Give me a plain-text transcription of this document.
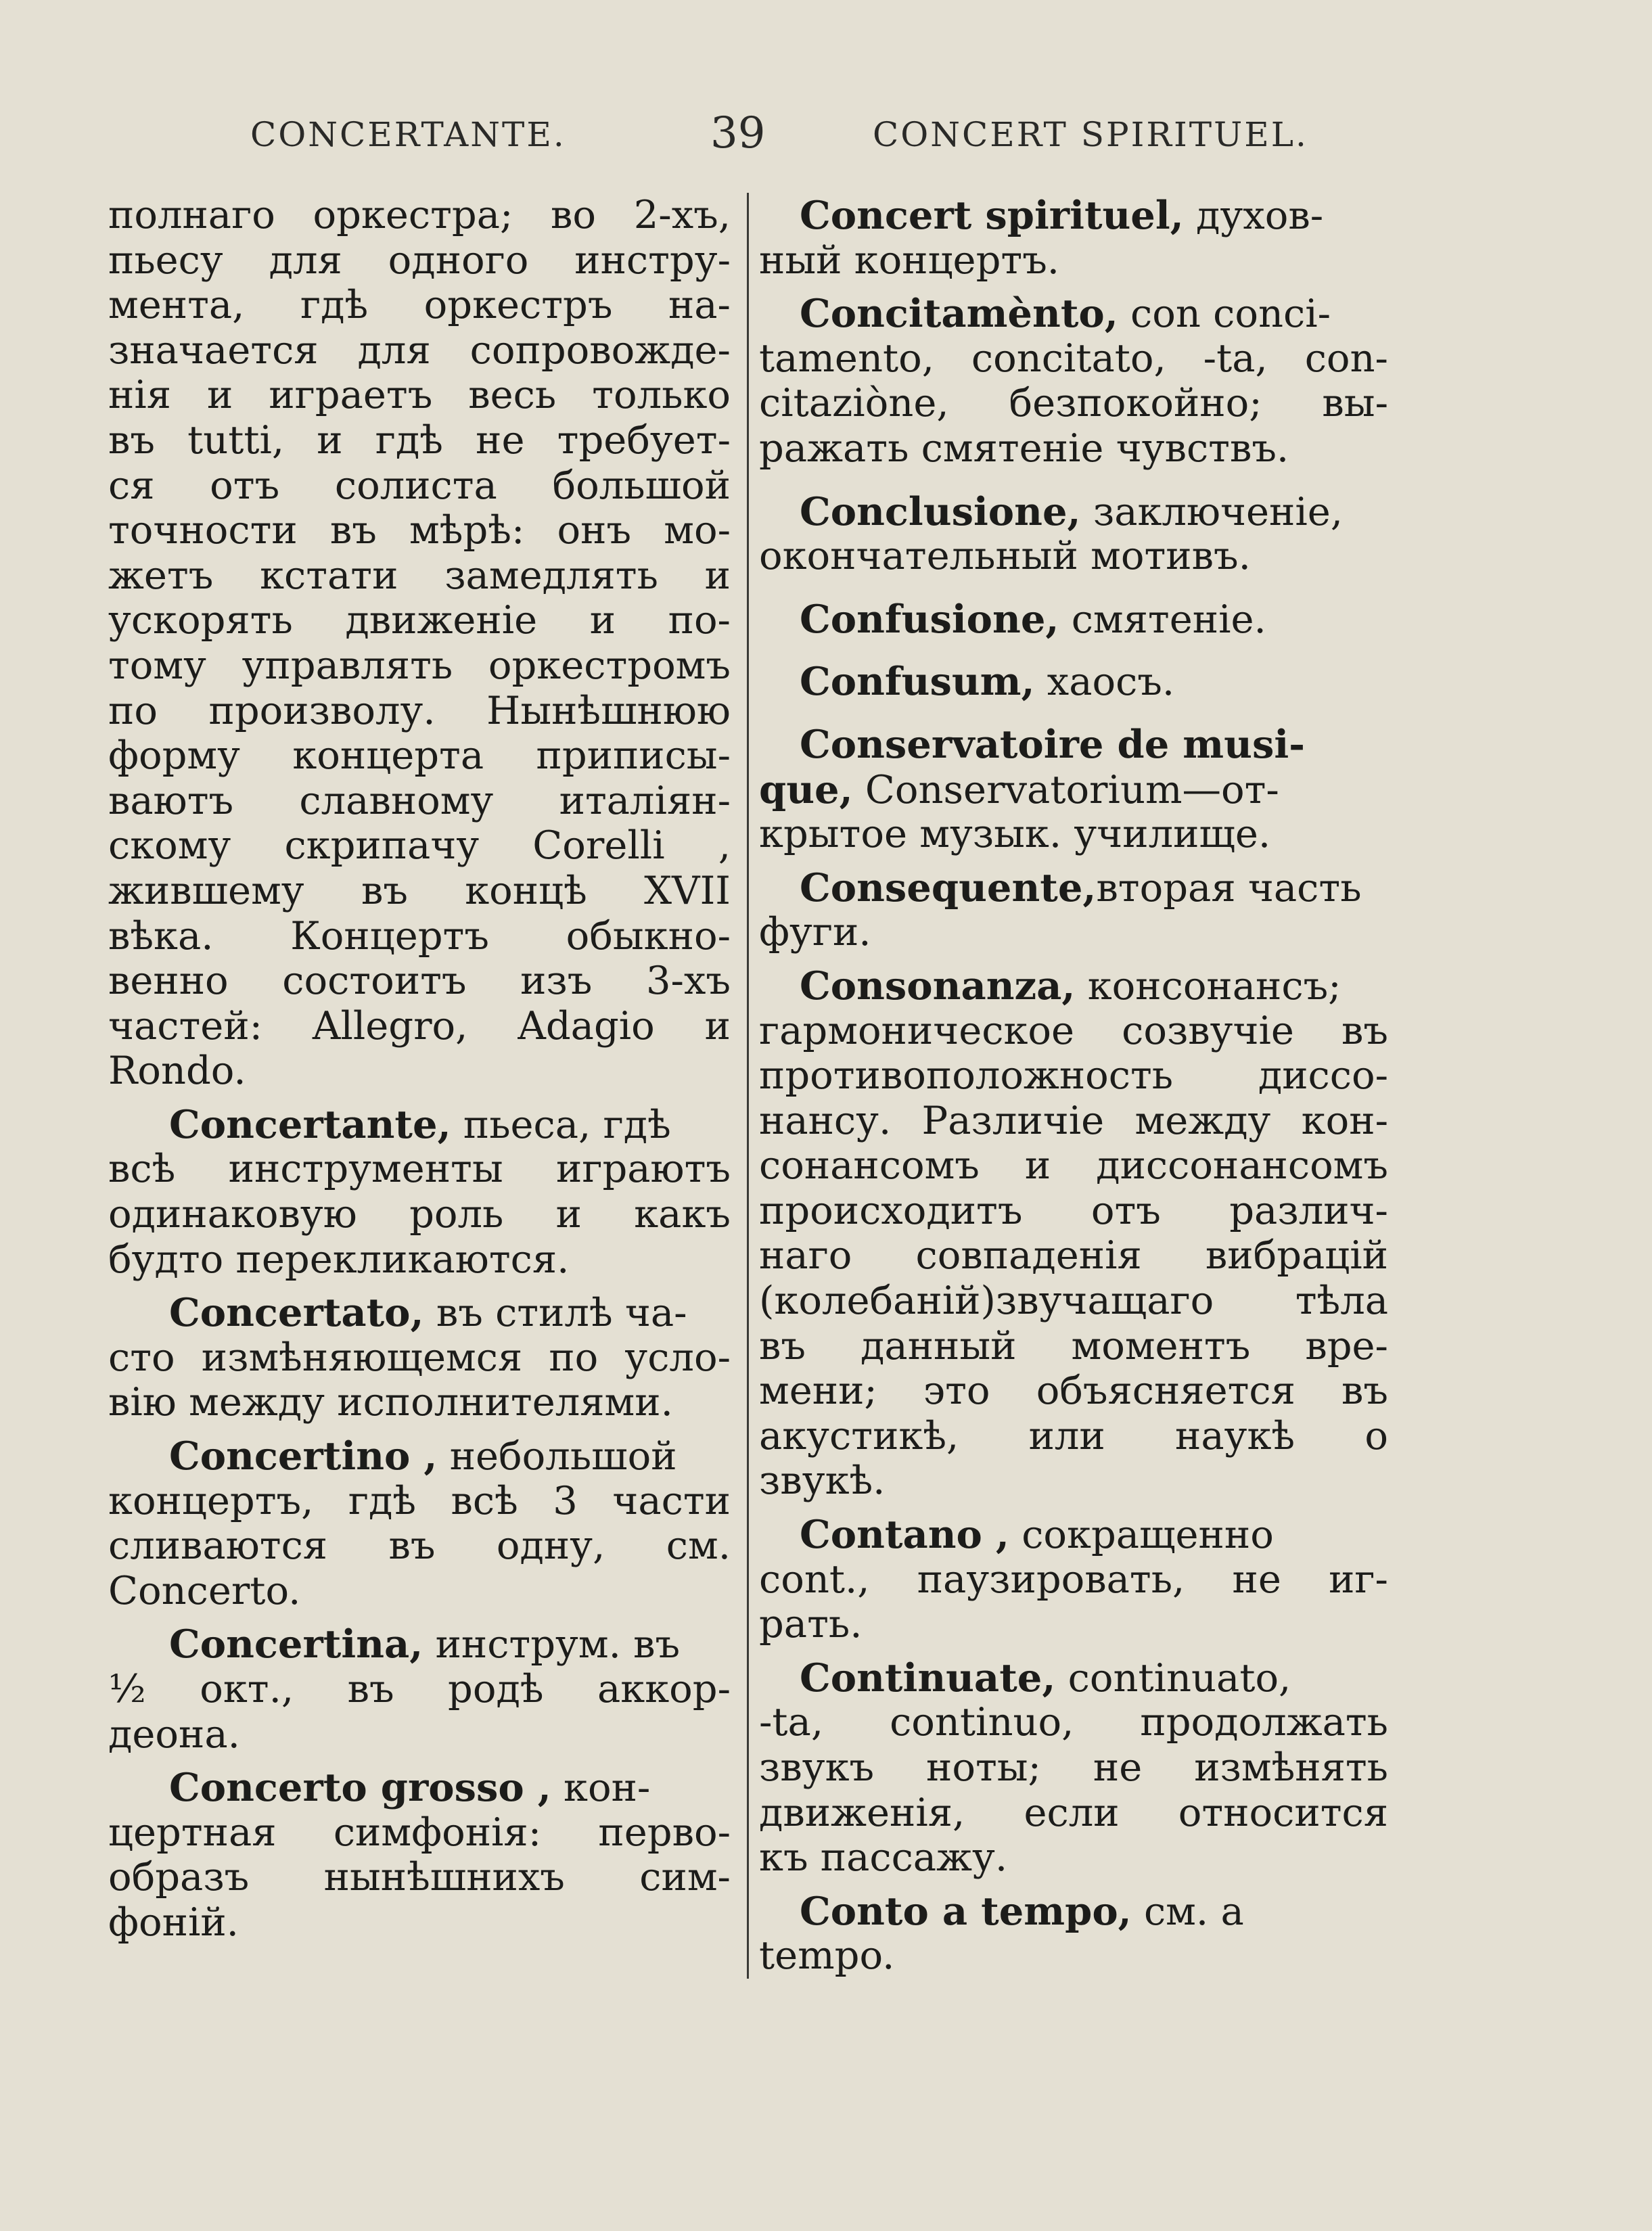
CONCERTANTE.	39	CONCERT SPIRITUEL.
полнаго оркестра; во 2-хъ,
пьесу для одного инстру-
мента, гдѣ оркестръ на-
значается для сопровожде-
нія и играетъ весь только
въ tutti, и гдѣ не требует-
ся отъ солиста большой
точности въ мѣрѣ: онъ мо-
жетъ кстати замедлять и
ускорять движеніе и по-
тому управлять оркестромъ
по произволу. Нынѣшнюю
форму концерта приписы-
ваютъ славному италіян-
скому скрипачу Corelli ,
жившему въ концѣ XVII
вѣка. Концертъ обыкно-
венно состоитъ изъ 3-хъ
частей: Allegro, Adagio и
Rondo.
Concertante, пьеса, гдѣ
всѣ инструменты играютъ
одинаковую роль и какъ
будто перекликаются.
Concertato, въ стилѣ ча-
сто измѣняющемся по усло-
вію между исполнителями.
Concertino , небольшой
концертъ, гдѣ всѣ 3 части
сливаются въ одну, см.
Concerto.
Concertina, инструм. въ
½ окт., въ родѣ аккор-
деона.
Concerto grosso , кон-
цертная симфонія: перво-
образъ нынѣшнихъ сим-
фоній.
Concert spirituel, духов-
ный концертъ.
Concitamènto, con conci-
tamento, concitato, -ta, con-
citaziòne, безпокойно; вы-
ражать смятеніе чувствъ.
Conclusione, заключеніе,
окончательный мотивъ.
Confusione, смятеніе.
Confusum, хаосъ.
Conservatoire de musi-
que, Conservatorium—от-
крытое музык. училище.
Consequente,вторая часть
фуги.
Consonanza, консонансъ;
гармоническое созвучіе въ
противоположность диссо-
нансу. Различіе между кон-
сонансомъ и диссонансомъ
происходитъ отъ различ-
наго совпаденія вибрацій
(колебаній)звучащаго тѣла
въ данный моментъ вре-
мени; это объясняется въ
акустикѣ, или наукѣ о
звукѣ.
Contano , сокращенно
cont., паузировать, не иг-
рать.
Continuate, continuato,
-ta, continuo, продолжать
звукъ ноты; не измѣнять
движенія, если относится
къ пассажу.
Conto a tempo, см. a
tempo.
